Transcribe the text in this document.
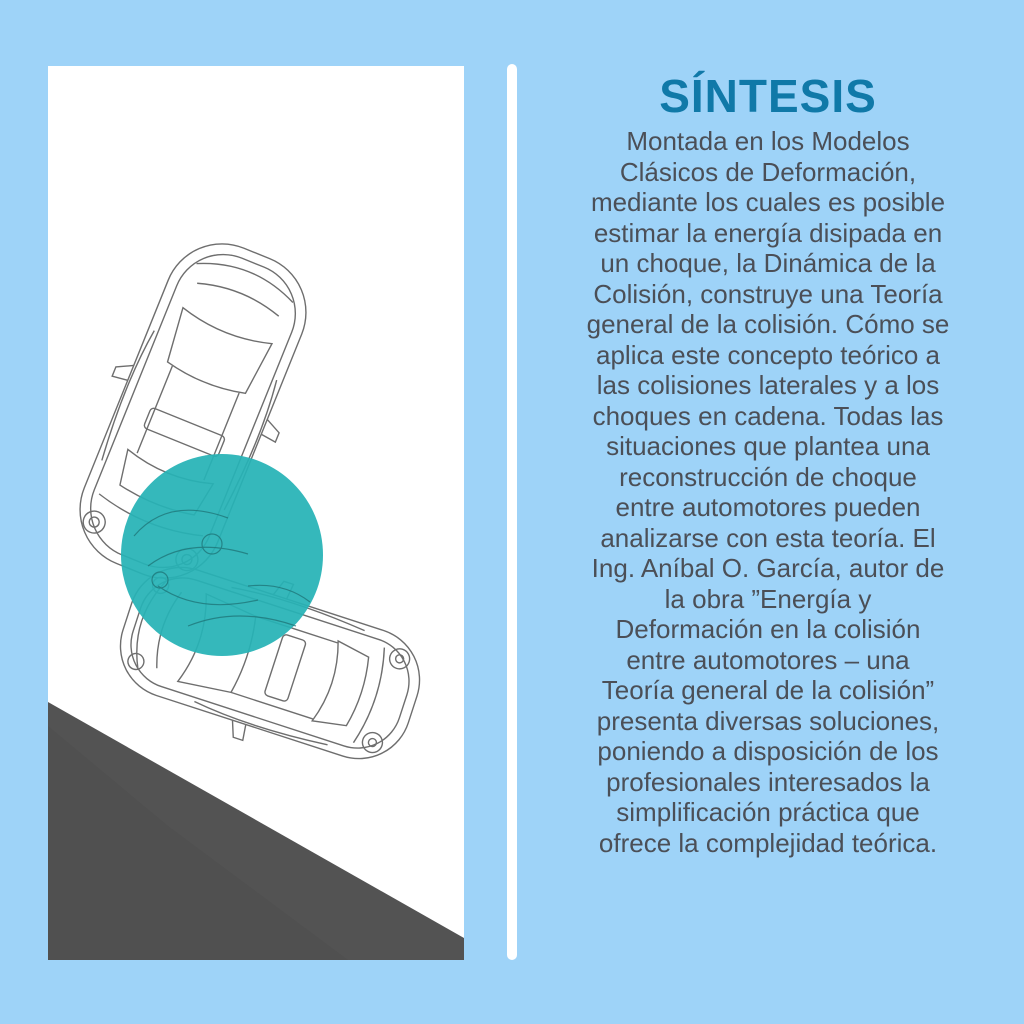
SÍNTESIS

Montada en los Modelos
Clásicos de Deformación,
mediante los cuales es posible
estimar la energía disipada en
un choque, la Dinámica de la
Colisión, construye una Teoría
general de la colisión. Cómo se
aplica este concepto teórico a
las colisiones laterales y a los
choques en cadena. Todas las
situaciones que plantea una
reconstrucción de choque
entre automotores pueden
analizarse con esta teoría. El
Ing. Aníbal O. García, autor de
la obra ”Energía y
Deformación en la colisión
entre automotores – una
Teoría general de la colisión”
presenta diversas soluciones,
poniendo a disposición de los
profesionales interesados la
simplificación práctica que
ofrece la complejidad teórica.
